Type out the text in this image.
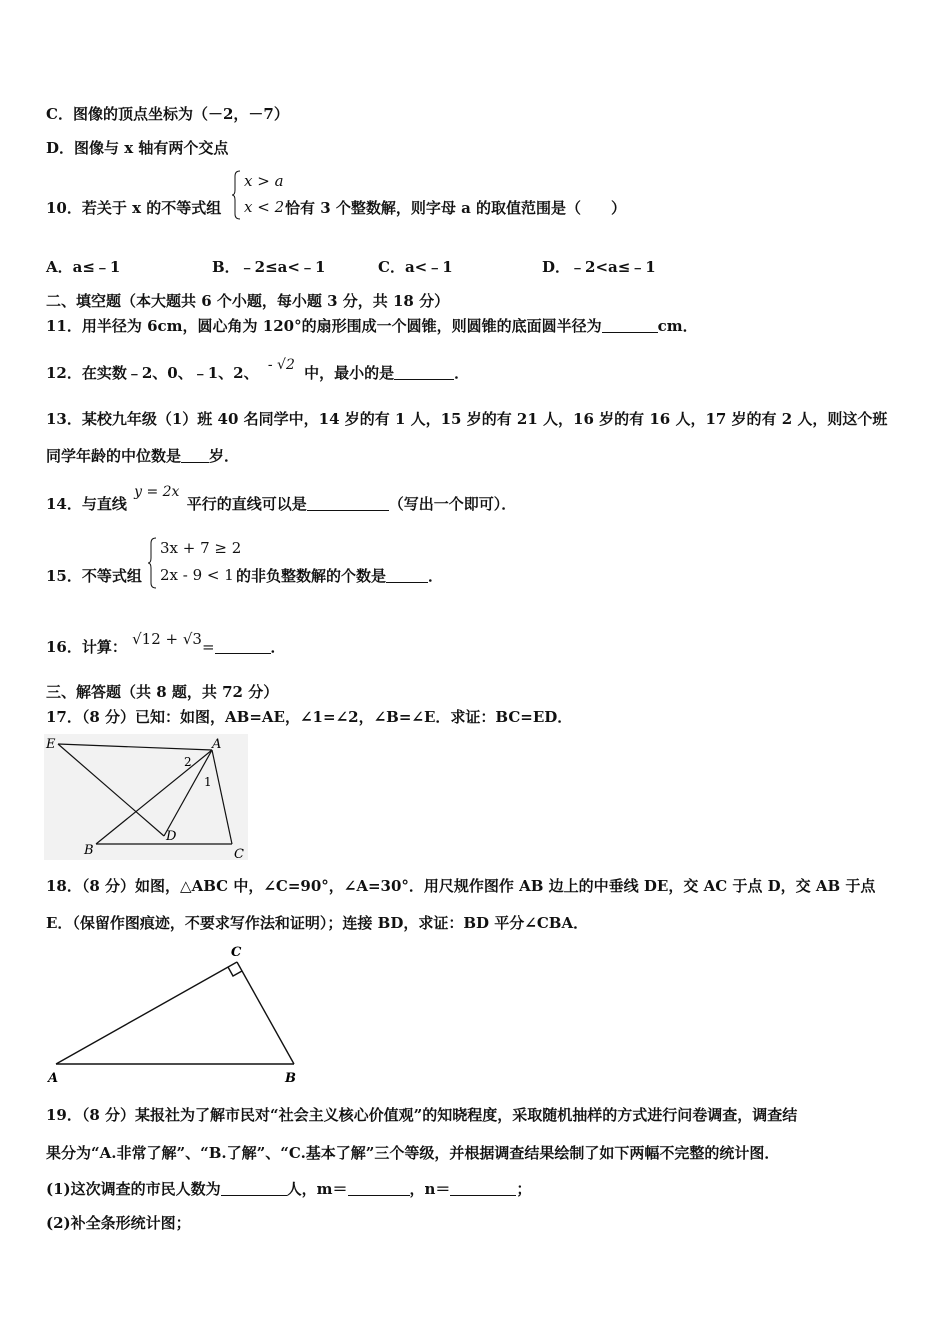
C．图像的顶点坐标为（－2，－7）
D．图像与 x 轴有两个交点
10．若关于 x 的不等式组
x > a
x < 2 恰有 3 个整数解，则字母 a 的取值范围是（　　）
A．a≤﹣1	B．﹣2≤a<﹣1	C．a<﹣1	D．﹣2<a≤﹣1
二、填空题（本大题共 6 个小题，每小题 3 分，共 18 分）
11．用半径为 6cm，圆心角为 120°的扇形围成一个圆锥，则圆锥的底面圆半径为	cm．
12．在实数﹣2、0、﹣1、2、 - √2 中，最小的是	．
13．某校九年级（1）班 40 名同学中，14 岁的有 1 人，15 岁的有 21 人，16 岁的有 16 人，17 岁的有 2 人，则这个班
同学年龄的中位数是 岁．
14．与直线 y = 2x 平行的直线可以是	（写出一个即可）．
15．不等式组
3x + 7 ≥ 2
2x - 9 < 1 的非负整数解的个数是	．
16．计算： √12 + √3=	．
三、解答题（共 8 题，共 72 分）
17．（8 分）已知：如图，AB=AE，∠1=∠2，∠B=∠E．求证：BC=ED．
E	A
B	C
D
1
2
18．（8 分）如图，△ABC 中，∠C=90°，∠A=30°．用尺规作图作 AB 边上的中垂线 DE，交 AC 于点 D，交 AB 于点
E．（保留作图痕迹，不要求写作法和证明）；连接 BD，求证：BD 平分∠CBA．
C
A	B
19．（8 分）某报社为了解市民对“社会主义核心价值观”的知晓程度，采取随机抽样的方式进行问卷调查，调查结
果分为“A.非常了解”、“B.了解”、“C.基本了解”三个等级，并根据调查结果绘制了如下两幅不完整的统计图．
(1)这次调查的市民人数为	人，m＝	，n＝	；
(2)补全条形统计图；
